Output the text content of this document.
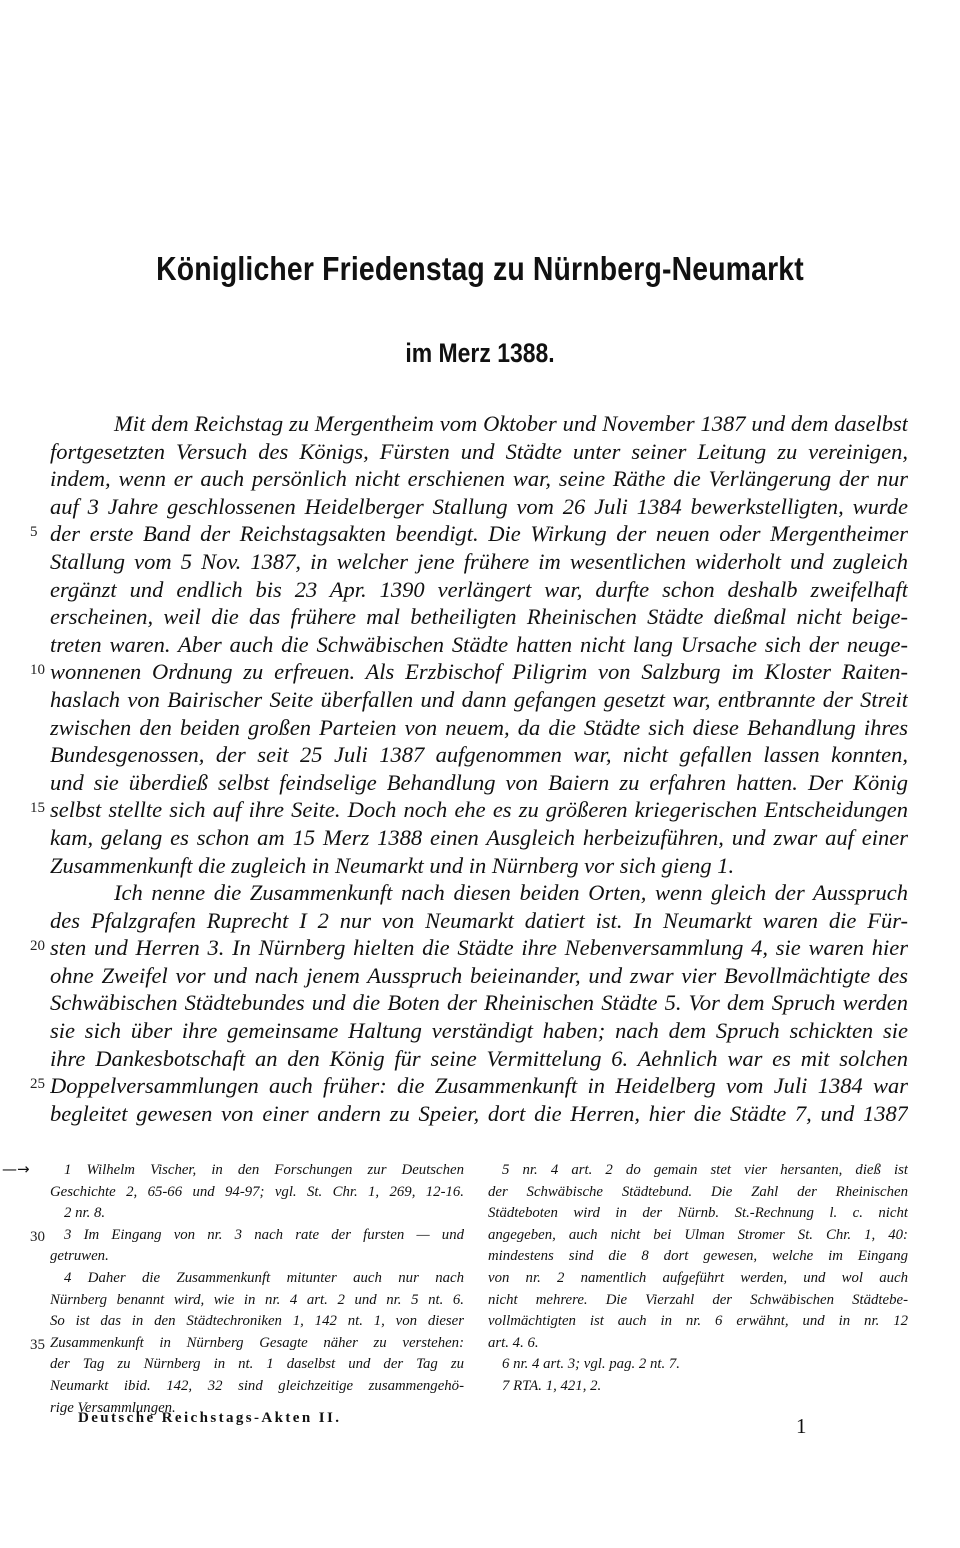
Königlicher Friedenstag zu Nürnberg-Neumarkt
im Merz 1388.
Mit dem Reichstag zu Mergentheim vom Oktober und November 1387 und dem daselbst
fortgesetzten Versuch des Königs, Fürsten und Städte unter seiner Leitung zu vereinigen,
indem, wenn er auch persönlich nicht erschienen war, seine Räthe die Verlängerung der nur
auf 3 Jahre geschlossenen Heidelberger Stallung vom 26 Juli 1384 bewerkstelligten, wurde
der erste Band der Reichstagsakten beendigt. Die Wirkung der neuen oder Mergentheimer
Stallung vom 5 Nov. 1387, in welcher jene frühere im wesentlichen widerholt und zugleich
ergänzt und endlich bis 23 Apr. 1390 verlängert war, durfte schon deshalb zweifelhaft
erscheinen, weil die das frühere mal betheiligten Rheinischen Städte dießmal nicht beige-
treten waren. Aber auch die Schwäbischen Städte hatten nicht lang Ursache sich der neuge-
wonnenen Ordnung zu erfreuen. Als Erzbischof Piligrim von Salzburg im Kloster Raiten-
haslach von Bairischer Seite überfallen und dann gefangen gesetzt war, entbrannte der Streit
zwischen den beiden großen Parteien von neuem, da die Städte sich diese Behandlung ihres
Bundesgenossen, der seit 25 Juli 1387 aufgenommen war, nicht gefallen lassen konnten,
und sie überdieß selbst feindselige Behandlung von Baiern zu erfahren hatten. Der König
selbst stellte sich auf ihre Seite. Doch noch ehe es zu größeren kriegerischen Entscheidungen
kam, gelang es schon am 15 Merz 1388 einen Ausgleich herbeizuführen, und zwar auf einer
Zusammenkunft die zugleich in Neumarkt und in Nürnberg vor sich gieng 1.
Ich nenne die Zusammenkunft nach diesen beiden Orten, wenn gleich der Ausspruch
des Pfalzgrafen Ruprecht I 2 nur von Neumarkt datiert ist. In Neumarkt waren die Für-
sten und Herren 3. In Nürnberg hielten die Städte ihre Nebenversammlung 4, sie waren hier
ohne Zweifel vor und nach jenem Ausspruch beieinander, und zwar vier Bevollmächtigte des
Schwäbischen Städtebundes und die Boten der Rheinischen Städte 5. Vor dem Spruch werden
sie sich über ihre gemeinsame Haltung verständigt haben; nach dem Spruch schickten sie
ihre Dankesbotschaft an den König für seine Vermittelung 6. Aehnlich war es mit solchen
Doppelversammlungen auch früher: die Zusammenkunft in Heidelberg vom Juli 1384 war
begleitet gewesen von einer andern zu Speier, dort die Herren, hier die Städte 7, und 1387
—→	1 Wilhelm Vischer, in den Forschungen zur Deutschen
Geschichte 2, 65-66 und 94-97; vgl. St. Chr. 1, 269, 12-16.
2 nr. 8.
3 Im Eingang von nr. 3 nach rate der fursten — und
getruwen.
4 Daher die Zusammenkunft mitunter auch nur nach
Nürnberg benannt wird, wie in nr. 4 art. 2 und nr. 5 nt. 6.
So ist das in den Städtechroniken 1, 142 nt. 1, von dieser
Zusammenkunft in Nürnberg Gesagte näher zu verstehen:
der Tag zu Nürnberg in nt. 1 daselbst und der Tag zu
Neumarkt ibid. 142, 32 sind gleichzeitige zusammengehö-
rige Versammlungen.
5 nr. 4 art. 2 do gemain stet vier hersanten, dieß ist
der Schwäbische Städtebund. Die Zahl der Rheinischen
Städteboten wird in der Nürnb. St.-Rechnung l. c. nicht
angegeben, auch nicht bei Ulman Stromer St. Chr. 1, 40:
mindestens sind die 8 dort gewesen, welche im Eingang
von nr. 2 namentlich aufgeführt werden, und wol auch
nicht mehrere. Die Vierzahl der Schwäbischen Städtebe-
vollmächtigten ist auch in nr. 6 erwähnt, und in nr. 12
art. 4. 6.
6 nr. 4 art. 3; vgl. pag. 2 nt. 7.
7 RTA. 1, 421, 2.
Deutsche Reichstags-Akten II.	1
5
10
15
20
25
30
35
